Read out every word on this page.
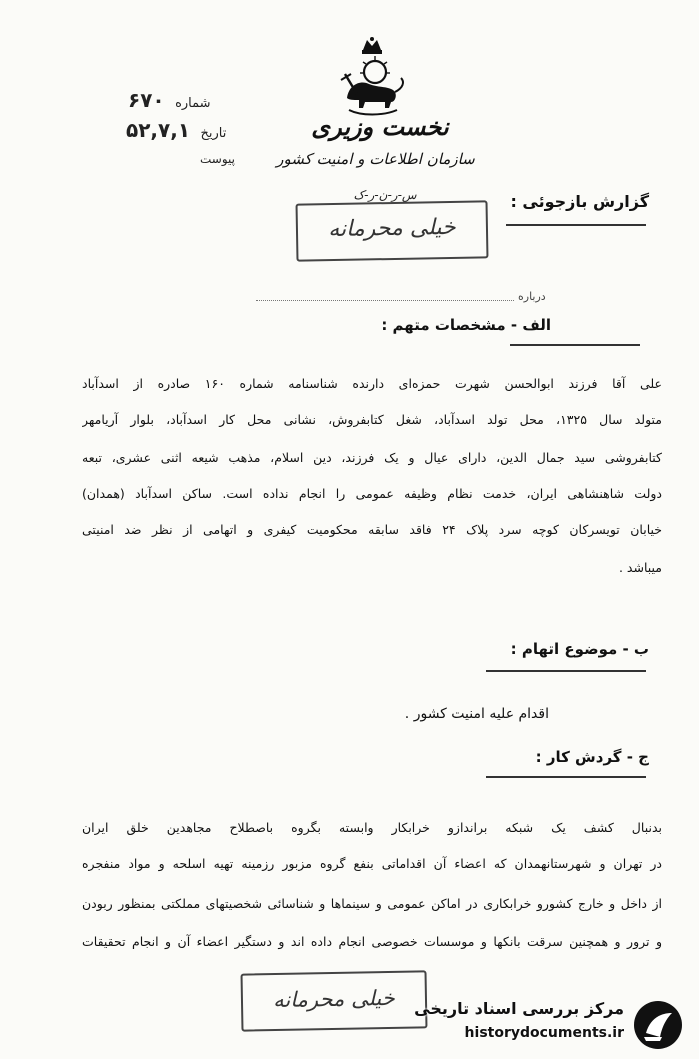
شماره ۶۷۰
تاریخ ۵۲,۷,۱
پیوست
نخست وزیری
سازمان اطلاعات و امنیت کشور
س-ر-ن-ر-ک
خیلی محرمانه
گزارش بازجوئی :
درباره
الف - مشخصات متهم :
علی آقا فرزند ابوالحسن شهرت حمزه‌ای دارنده شناسنامه شماره ۱۶۰ صادره از اسدآباد
متولد سال ۱۳۲۵، محل تولد اسدآباد، شغل کتابفروش، نشانی محل کار اسدآباد، بلوار آریامهر
کتابفروشی سید جمال الدین، دارای عیال و یک فرزند، دین اسلام، مذهب شیعه اثنی عشری، تبعه
دولت شاهنشاهی ایران، خدمت نظام وظیفه عمومی را انجام نداده است. ساکن اسدآباد (همدان)
خیابان تویسرکان کوچه سرد پلاک ۲۴ فاقد سابقه محکومیت کیفری و اتهامی از نظر ضد امنیتی
میباشد .
ب - موضوع اتهام :
اقدام علیه امنیت کشور .
ج - گردش کار :
بدنبال کشف یک شبکه براندازو خرابکار وابسته بگروه باصطلاح مجاهدین خلق ایران
در تهران و شهرستانهمدان که اعضاء آن اقداماتی بنفع گروه مزبور رزمینه تهیه اسلحه و مواد منفجره
از داخل و خارج کشورو خرابکاری در اماکن عمومی و سینماها و شناسائی شخصیتهای مملکتی بمنظور ربودن
و ترور و همچنین سرقت بانکها و موسسات خصوصی انجام داده اند و دستگیر اعضاء آن و انجام تحقیقات
خیلی محرمانه	مرکز بررسی اسناد تاریخی
historydocuments.ir
